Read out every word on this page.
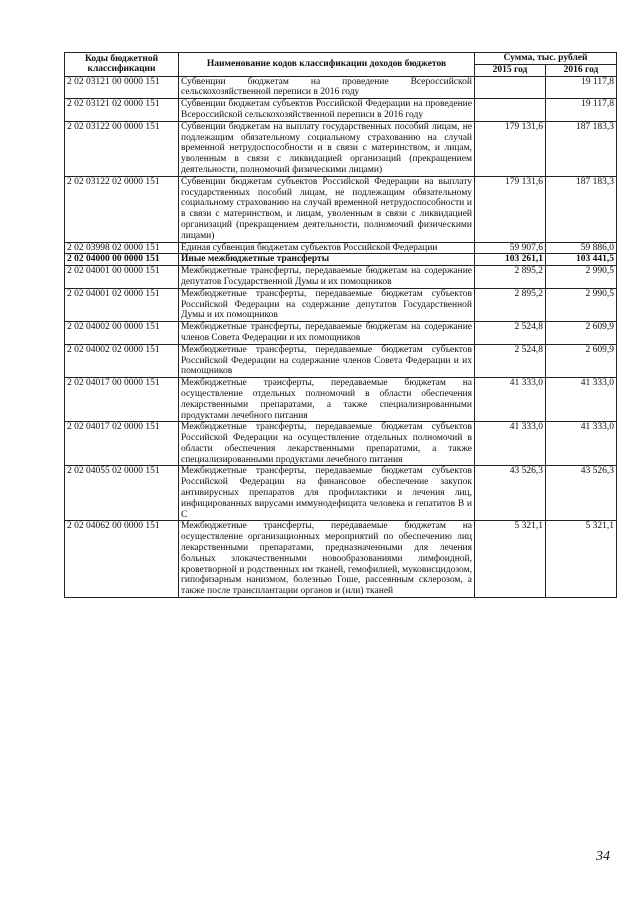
Коды бюджетной классификации	Наименование кодов классификации доходов бюджетов	Сумма, тыс. рублей	
		2015 год	2016 год
2 02 03121 00 0000 151	Субвенции бюджетам на проведение Всероссийской сельскохозяйственной переписи в 2016 году		19 117,8
2 02 03121 02 0000 151	Субвенции бюджетам субъектов Российской Федерации на проведение Всероссийской сельскохозяйственной переписи в 2016 году		19 117,8
2 02 03122 00 0000 151	Субвенции бюджетам на выплату государственных пособий лицам, не подлежащим обязательному социальному страхованию на случай временной нетрудоспособности и в связи с материнством, и лицам, уволенным в связи с ликвидацией организаций (прекращением деятельности, полномочий физическими лицами)	179 131,6	187 183,3
2 02 03122 02 0000 151	Субвенции бюджетам субъектов Российской Федерации на выплату государственных пособий лицам, не подлежащим обязательному социальному страхованию на случай временной нетрудоспособности и в связи с материнством, и лицам, уволенным в связи с ликвидацией организаций (прекращением деятельности, полномочий физическими лицами)	179 131,6	187 183,3
2 02 03998 02 0000 151	Единая субвенция бюджетам субъектов Российской Федерации	59 907,6	59 886,0
2 02 04000 00 0000 151	Иные межбюджетные трансферты	103 261,1	103 441,5
2 02 04001 00 0000 151	Межбюджетные трансферты, передаваемые бюджетам на содержание депутатов Государственной Думы и их помощников	2 895,2	2 990,5
2 02 04001 02 0000 151	Межбюджетные трансферты, передаваемые бюджетам субъектов Российской Федерации на содержание депутатов Государственной Думы и их помощников	2 895,2	2 990,5
2 02 04002 00 0000 151	Межбюджетные трансферты, передаваемые бюджетам на содержание членов Совета Федерации и их помощников	2 524,8	2 609,9
2 02 04002 02 0000 151	Межбюджетные трансферты, передаваемые бюджетам субъектов Российской Федерации на содержание членов Совета Федерации и их помощников	2 524,8	2 609,9
2 02 04017 00 0000 151	Межбюджетные трансферты, передаваемые бюджетам на осуществление отдельных полномочий в области обеспечения лекарственными препаратами, а также специализированными продуктами лечебного питания	41 333,0	41 333,0
2 02 04017 02 0000 151	Межбюджетные трансферты, передаваемые бюджетам субъектов Российской Федерации на осуществление отдельных полномочий в области обеспечения лекарственными препаратами, а также специализированными продуктами лечебного питания	41 333,0	41 333,0
2 02 04055 02 0000 151	Межбюджетные трансферты, передаваемые бюджетам субъектов Российской Федерации на финансовое обеспечение закупок антивирусных препаратов для профилактики и лечения лиц, инфицированных вирусами иммунодефицита человека и гепатитов В и С	43 526,3	43 526,3
2 02 04062 00 0000 151	Межбюджетные трансферты, передаваемые бюджетам на осуществление организационных мероприятий по обеспечению лиц лекарственными препаратами, предназначенными для лечения больных злокачественными новообразованиями лимфоидной, кроветворной и родственных им тканей, гемофилией, муковисцидозом, гипофизарным нанизмом, болезнью Гоше, рассеянным склерозом, а также после трансплантации органов и (или) тканей	5 321,1	5 321,1
34
